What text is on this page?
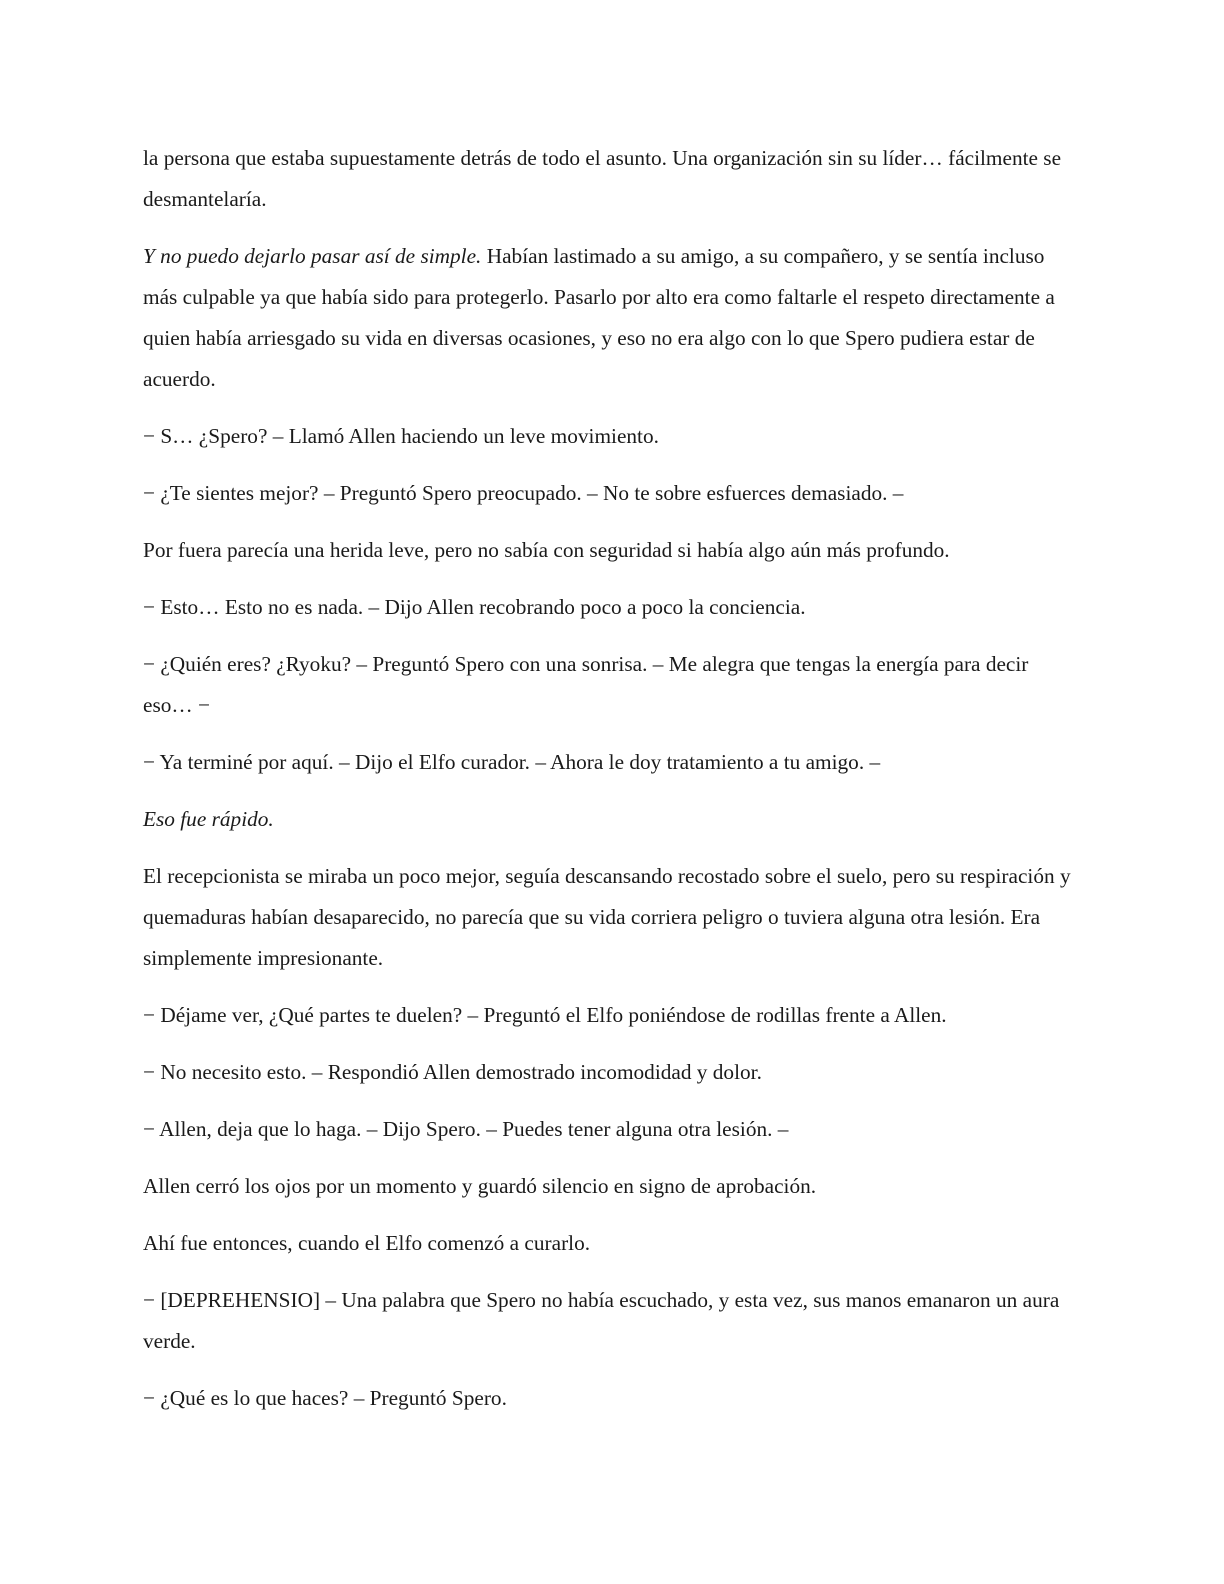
la persona que estaba supuestamente detrás de todo el asunto. Una organización sin su líder… fácilmente se desmantelaría.

Y no puedo dejarlo pasar así de simple. Habían lastimado a su amigo, a su compañero, y se sentía incluso más culpable ya que había sido para protegerlo. Pasarlo por alto era como faltarle el respeto directamente a quien había arriesgado su vida en diversas ocasiones, y eso no era algo con lo que Spero pudiera estar de acuerdo.

− S… ¿Spero? – Llamó Allen haciendo un leve movimiento.

− ¿Te sientes mejor? – Preguntó Spero preocupado. – No te sobre esfuerces demasiado. –

Por fuera parecía una herida leve, pero no sabía con seguridad si había algo aún más profundo.

− Esto… Esto no es nada. – Dijo Allen recobrando poco a poco la conciencia.

− ¿Quién eres? ¿Ryoku? – Preguntó Spero con una sonrisa. – Me alegra que tengas la energía para decir eso… −

− Ya terminé por aquí. – Dijo el Elfo curador. – Ahora le doy tratamiento a tu amigo. –

Eso fue rápido.

El recepcionista se miraba un poco mejor, seguía descansando recostado sobre el suelo, pero su respiración y quemaduras habían desaparecido, no parecía que su vida corriera peligro o tuviera alguna otra lesión. Era simplemente impresionante.

− Déjame ver, ¿Qué partes te duelen? – Preguntó el Elfo poniéndose de rodillas frente a Allen.

− No necesito esto. – Respondió Allen demostrado incomodidad y dolor.

− Allen, deja que lo haga. – Dijo Spero. – Puedes tener alguna otra lesión. –

Allen cerró los ojos por un momento y guardó silencio en signo de aprobación.

Ahí fue entonces, cuando el Elfo comenzó a curarlo.

− [DEPREHENSIO] – Una palabra que Spero no había escuchado, y esta vez, sus manos emanaron un aura verde.

− ¿Qué es lo que haces? – Preguntó Spero.
